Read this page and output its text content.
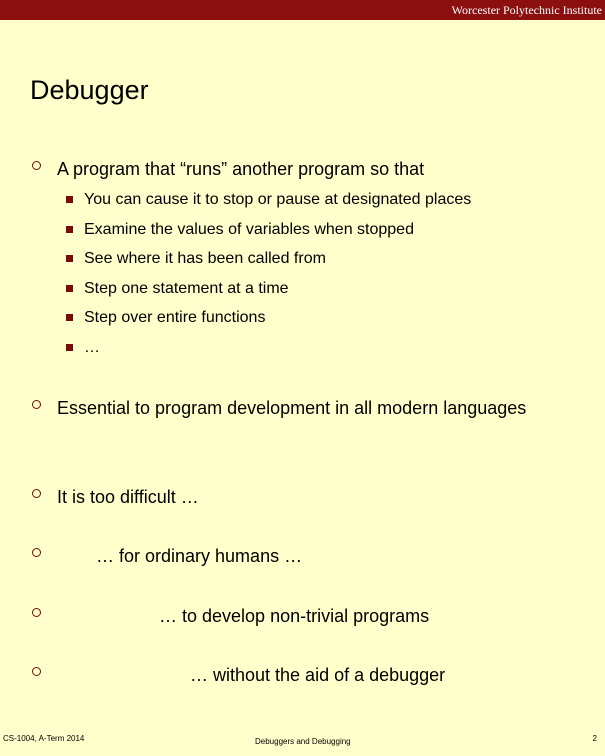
Worcester Polytechnic Institute
Debugger
A program that “runs” another program so that
You can cause it to stop or pause at designated places
Examine the values of variables when stopped
See where it has been called from
Step one statement at a time
Step over entire functions
…
Essential to program development in all modern languages
It is too difficult …
… for ordinary humans …
… to develop non-trivial programs
… without the aid of a debugger
CS-1004, A-Term 2014	Debuggers and Debugging	2
